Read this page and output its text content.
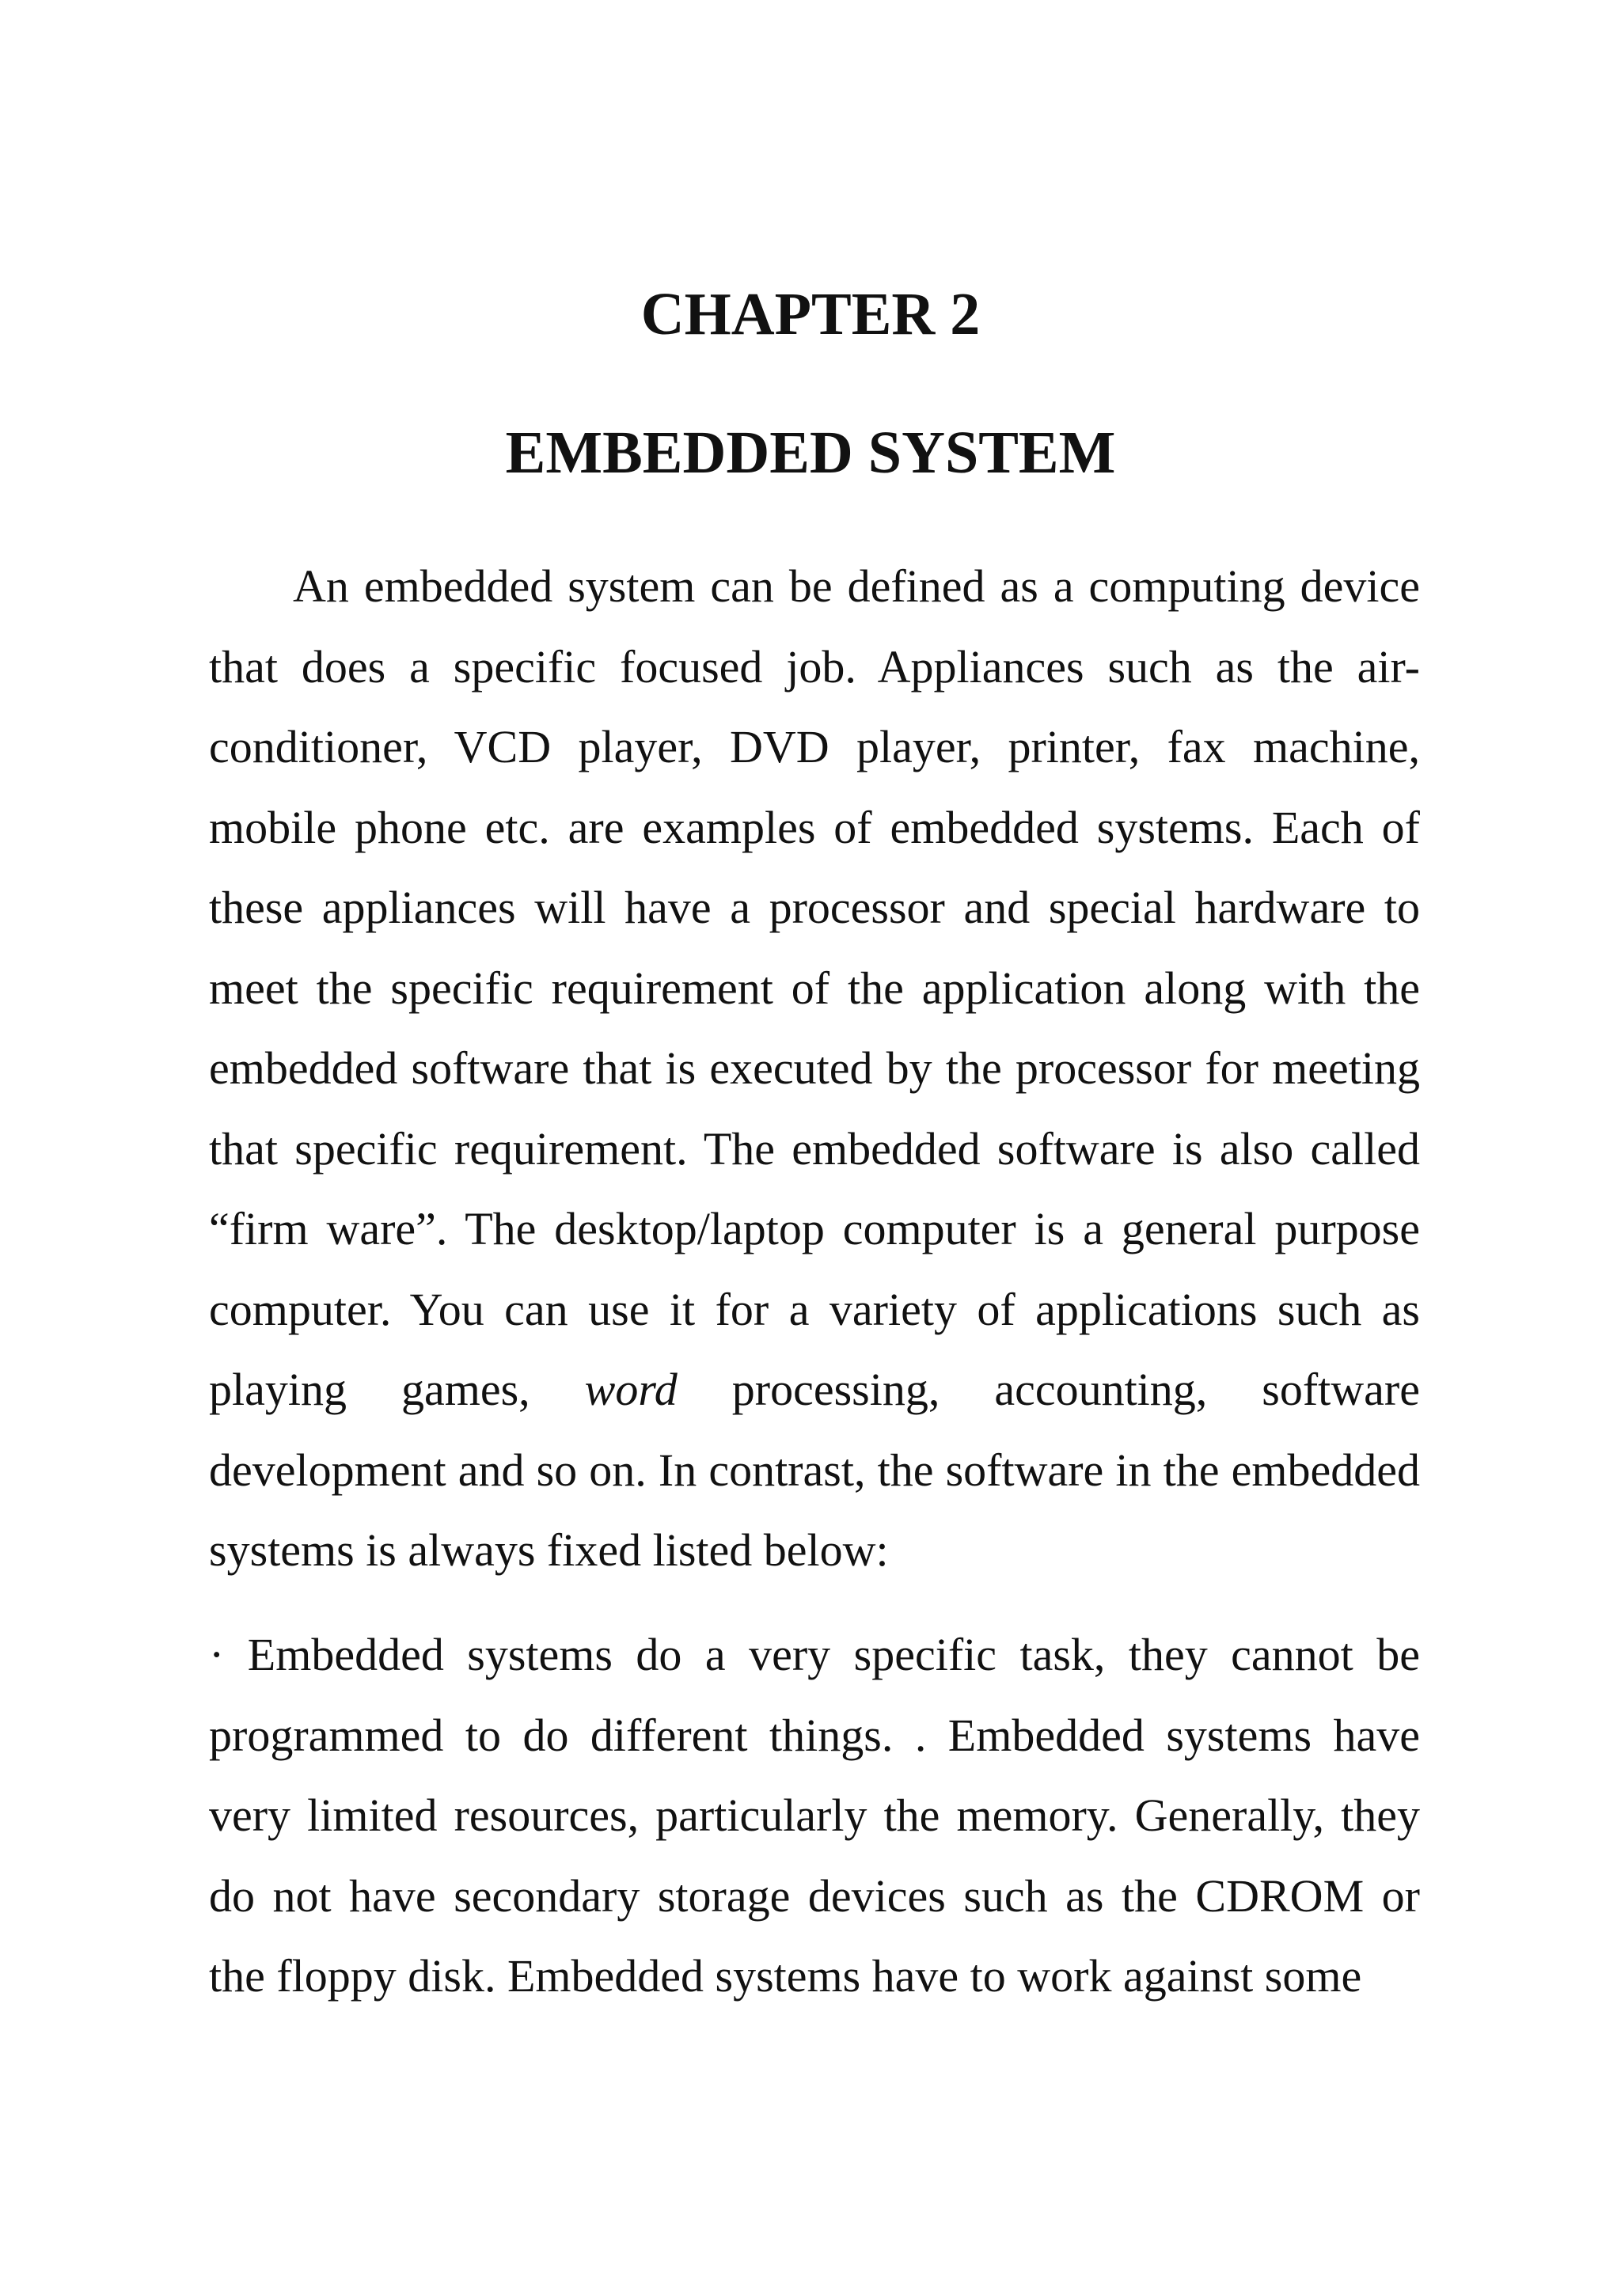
CHAPTER 2
EMBEDDED SYSTEM

An embedded system can be defined as a computing device that does a specific focused job. Appliances such as the air-conditioner, VCD player, DVD player, printer, fax machine, mobile phone etc. are examples of embedded systems. Each of these appliances will have a processor and special hardware to meet the specific requirement of the application along with the embedded software that is executed by the processor for meeting that specific requirement. The embedded software is also called “firm ware”. The desktop/laptop computer is a general purpose computer. You can use it for a variety of applications such as playing games, word processing, accounting, software development and so on. In contrast, the software in the embedded systems is always fixed listed below:

· Embedded systems do a very specific task, they cannot be programmed to do different things. . Embedded systems have very limited resources, particularly the memory. Generally, they do not have secondary storage devices such as the CDROM or the floppy disk. Embedded systems have to work against some
